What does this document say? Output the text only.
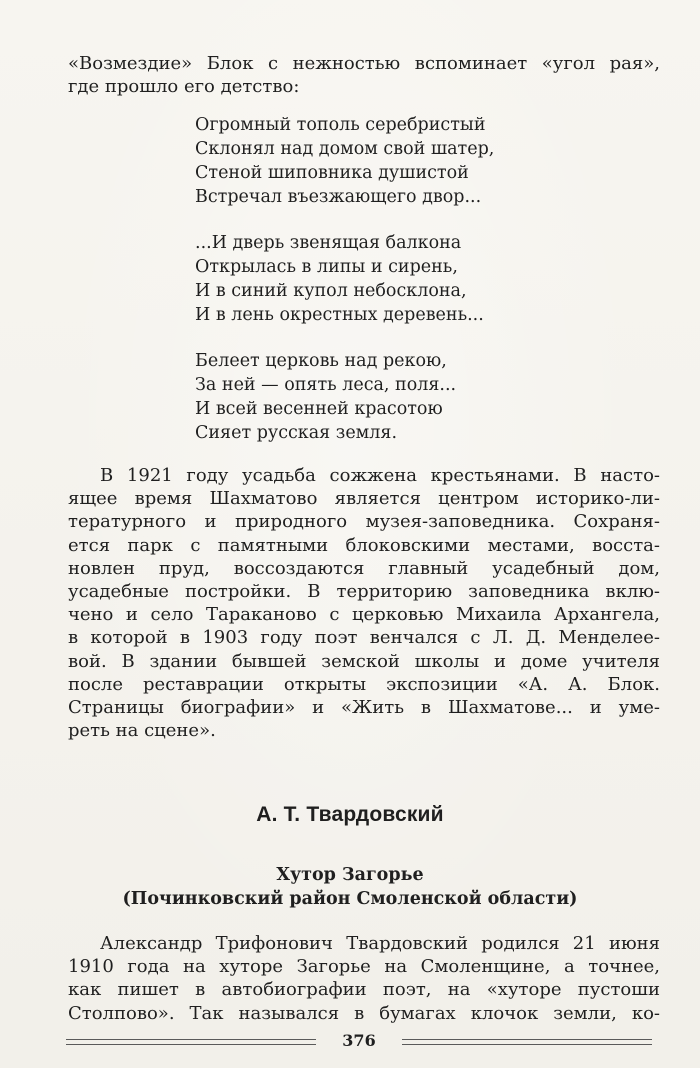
«Возмездие» Блок с нежностью вспоминает «угол рая»,
где прошло его детство:
Огромный тополь серебристый
Склонял над домом свой шатер,
Стеной шиповника душистой
Встречал въезжающего двор...
...И дверь звенящая балкона
Открылась в липы и сирень,
И в синий купол небосклона,
И в лень окрестных деревень...
Белеет церковь над рекою,
За ней — опять леса, поля...
И всей весенней красотою
Сияет русская земля.
В 1921 году усадьба сожжена крестьянами. В насто-
ящее время Шахматово является центром историко-ли-
тературного и природного музея-заповедника. Сохраня-
ется парк с памятными блоковскими местами, восста-
новлен пруд, воссоздаются главный усадебный дом,
усадебные постройки. В территорию заповедника вклю-
чено и село Тараканово с церковью Михаила Архангела,
в которой в 1903 году поэт венчался с Л. Д. Менделее-
вой. В здании бывшей земской школы и доме учителя
после реставрации открыты экспозиции «А. А. Блок.
Страницы биографии» и «Жить в Шахматове... и уме-
реть на сцене».
А. Т. Твардовский
Хутор Загорье
(Починковский район Смоленской области)
Александр Трифонович Твардовский родился 21 июня
1910 года на хуторе Загорье на Смоленщине, а точнее,
как пишет в автобиографии поэт, на «хуторе пустоши
Столпово». Так назывался в бумагах клочок земли, ко-
376
